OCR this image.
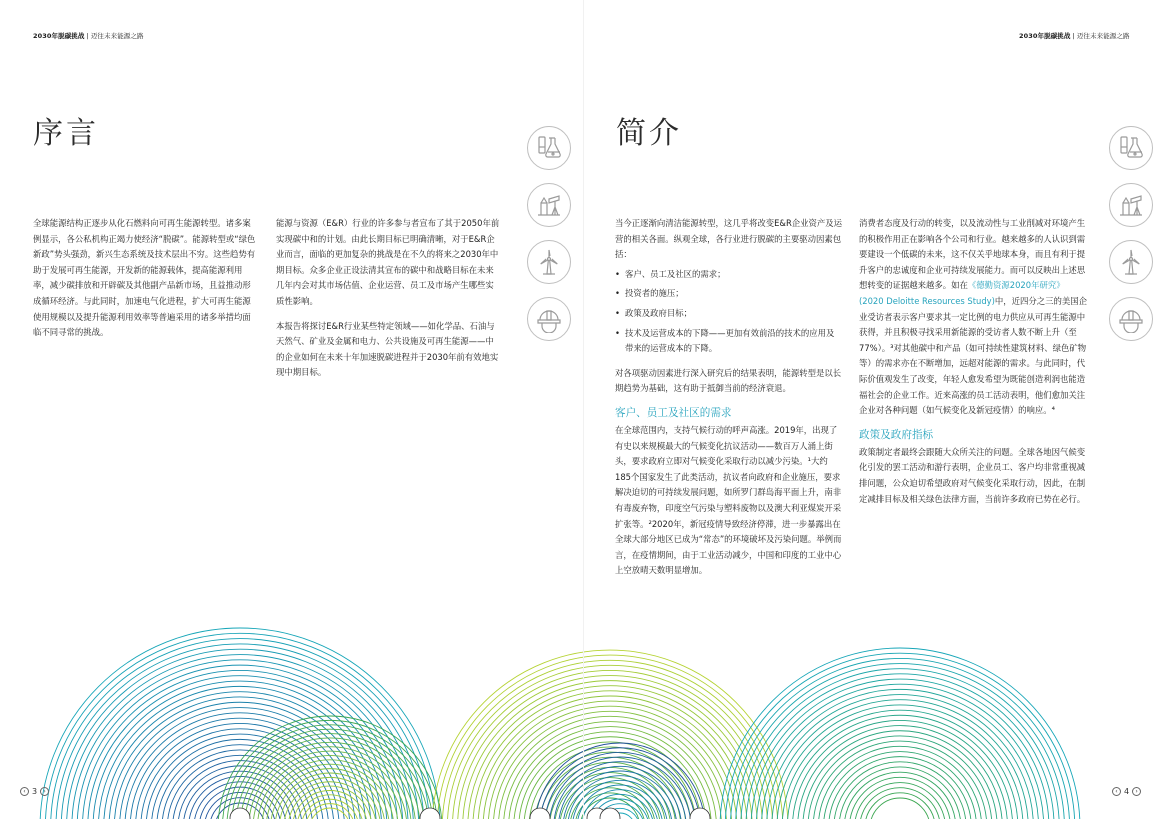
2030年脱碳挑战 | 迈往未来能源之路
序言

全球能源结构正逐步从化石燃料向可再生能源转型。诸多案例显示，各公私机构正竭力使经济“脱碳”。能源转型或“绿色新政”势头强劲，新兴生态系统及技术层出不穷。这些趋势有助于发展可再生能源，开发新的能源载体，提高能源利用率，减少碳排放和开辟碳及其他副产品新市场，且益推动形成循环经济。与此同时，加速电气化进程，扩大可再生能源使用规模以及提升能源利用效率等普遍采用的诸多举措均面临不同寻常的挑战。

能源与资源（E&R）行业的许多参与者宣布了其于2050年前实现碳中和的计划。由此长期目标已明确清晰，对于E&R企业而言，面临的更加复杂的挑战是在不久的将来之2030年中期目标。众多企业正设法清其宣布的碳中和战略目标在未来几年内会对其市场估值、企业运营、员工及市场产生哪些实质性影响。

本报告将探讨E&R行业某些特定领域——如化学品、石油与天然气、矿业及金属和电力、公共设施及可再生能源——中的企业如何在未来十年加速脱碳进程并于2030年前有效地实现中期目标。

‹ 3	›
2030年脱碳挑战 | 迈往未来能源之路
简介

当今正逐渐向清洁能源转型，这几乎将改变E&R企业资产及运营的相关各面。纵观全球，各行业进行脱碳的主要驱动因素包括：

• 客户、员工及社区的需求；
• 投资者的施压；
• 政策及政府目标；
• 技术及运营成本的下降——更加有效前沿的技术的应用及带来的运营成本的下降。

对各项驱动因素进行深入研究后的结果表明，能源转型是以长期趋势为基础，这有助于抵御当前的经济衰退。

客户、员工及社区的需求

在全球范围内，支持气候行动的呼声高涨。2019年，出现了有史以来规模最大的气候变化抗议活动——数百万人涌上街头，要求政府立即对气候变化采取行动以减少污染。¹大约185个国家发生了此类活动，抗议者向政府和企业施压，要求解决迫切的可持续发展问题，如所罗门群岛海平面上升，南非有毒废弃物，印度空气污染与塑料废物以及澳大利亚煤炭开采扩张等。²2020年，新冠疫情导致经济停滞，进一步暴露出在全球大部分地区已成为“常态”的环境破坏及污染问题。举例而言，在疫情期间，由于工业活动减少，中国和印度的工业中心上空放晴天数明显增加。

消费者态度及行动的转变，以及流动性与工业削减对环境产生的积极作用正在影响各个公司和行业。越来越多的人认识到需要建设一个低碳的未来，这不仅关乎地球本身，而且有利于提升客户的忠诚度和企业可持续发展能力。而可以反映出上述思想转变的证据越来越多。如在《德勤资源2020年研究》(2020 Deloitte Resources Study)中，近四分之三的美国企业受访者表示客户要求其一定比例的电力供应从可再生能源中获得，并且积极寻找采用新能源的受访者人数不断上升（至77%）。³对其他碳中和产品（如可持续性建筑材料、绿色矿物等）的需求亦在不断增加，远超对能源的需求。与此同时，代际价值观发生了改变，年轻人愈发希望为既能创造利润也能造福社会的企业工作。近来高涨的员工活动表明，他们愈加关注企业对各种问题（如气候变化及新冠疫情）的响应。⁴

政策及政府指标

政策制定者最终会跟随大众所关注的问题。全球各地因气候变化引发的罢工活动和游行表明，企业员工、客户均非常重视减排问题，公众迫切希望政府对气候变化采取行动，因此，在制定减排目标及相关绿色法律方面，当前许多政府已势在必行。

‹ 4	›
